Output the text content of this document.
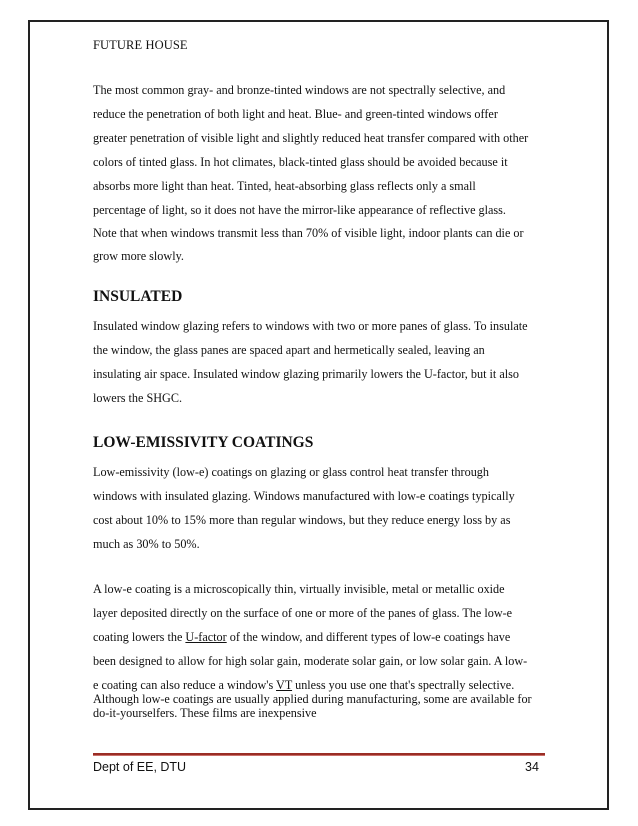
FUTURE HOUSE
The most common gray- and bronze-tinted windows are not spectrally selective, and
reduce the penetration of both light and heat. Blue- and green-tinted windows offer
greater penetration of visible light and slightly reduced heat transfer compared with other
colors of tinted glass. In hot climates, black-tinted glass should be avoided because it
absorbs more light than heat. Tinted, heat-absorbing glass reflects only a small
percentage of light, so it does not have the mirror-like appearance of reflective glass.
Note that when windows transmit less than 70% of visible light, indoor plants can die or
grow more slowly.
INSULATED
Insulated window glazing refers to windows with two or more panes of glass. To insulate
the window, the glass panes are spaced apart and hermetically sealed, leaving an
insulating air space. Insulated window glazing primarily lowers the U-factor, but it also
lowers the SHGC.
LOW-EMISSIVITY COATINGS
Low-emissivity (low-e) coatings on glazing or glass control heat transfer through
windows with insulated glazing. Windows manufactured with low-e coatings typically
cost about 10% to 15% more than regular windows, but they reduce energy loss by as
much as 30% to 50%.
A low-e coating is a microscopically thin, virtually invisible, metal or metallic oxide
layer deposited directly on the surface of one or more of the panes of glass. The low-e
coating lowers the U-factor of the window, and different types of low-e coatings have
been designed to allow for high solar gain, moderate solar gain, or low solar gain. A low-
e coating can also reduce a window's VT unless you use one that's spectrally selective.
Although low-e coatings are usually applied during manufacturing, some are available for
do-it-yourselfers. These films are inexpensive
Dept of EE, DTU	34
